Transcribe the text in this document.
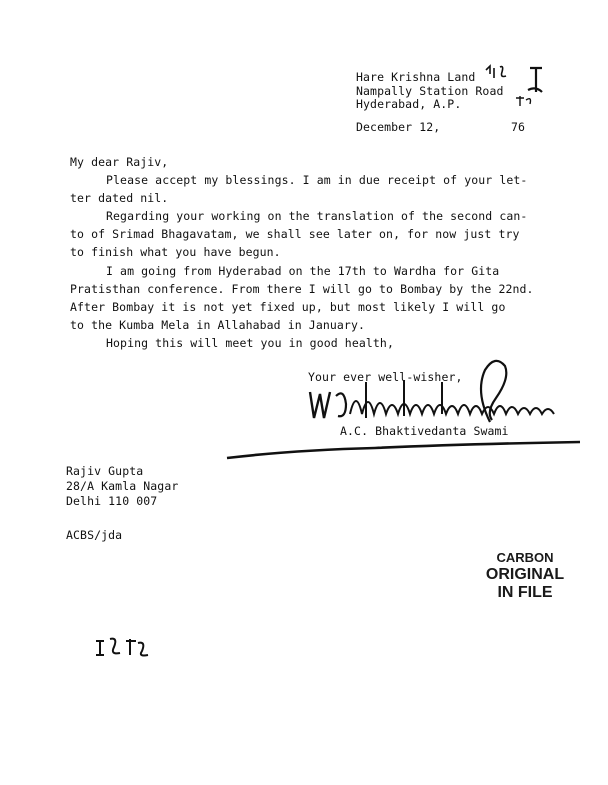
Hare Krishna Land
Nampally Station Road
Hyderabad, A.P.
December 12,	76
My dear Rajiv,
Please accept my blessings. I am in due receipt of your let-
ter dated nil.
Regarding your working on the translation of the second can-
to of Srimad Bhagavatam, we shall see later on, for now just try
to finish what you have begun.
I am going from Hyderabad on the 17th to Wardha for Gita
Pratisthan conference. From there I will go to Bombay by the 22nd.
After Bombay it is not yet fixed up, but most likely I will go
to the Kumba Mela in Allahabad in January.
Hoping this will meet you in good health,
Your ever well-wisher,
A.C. Bhaktivedanta Swami
Rajiv Gupta
28/A Kamla Nagar
Delhi 110 007
ACBS/jda
CARBON
ORIGINAL
IN FILE
